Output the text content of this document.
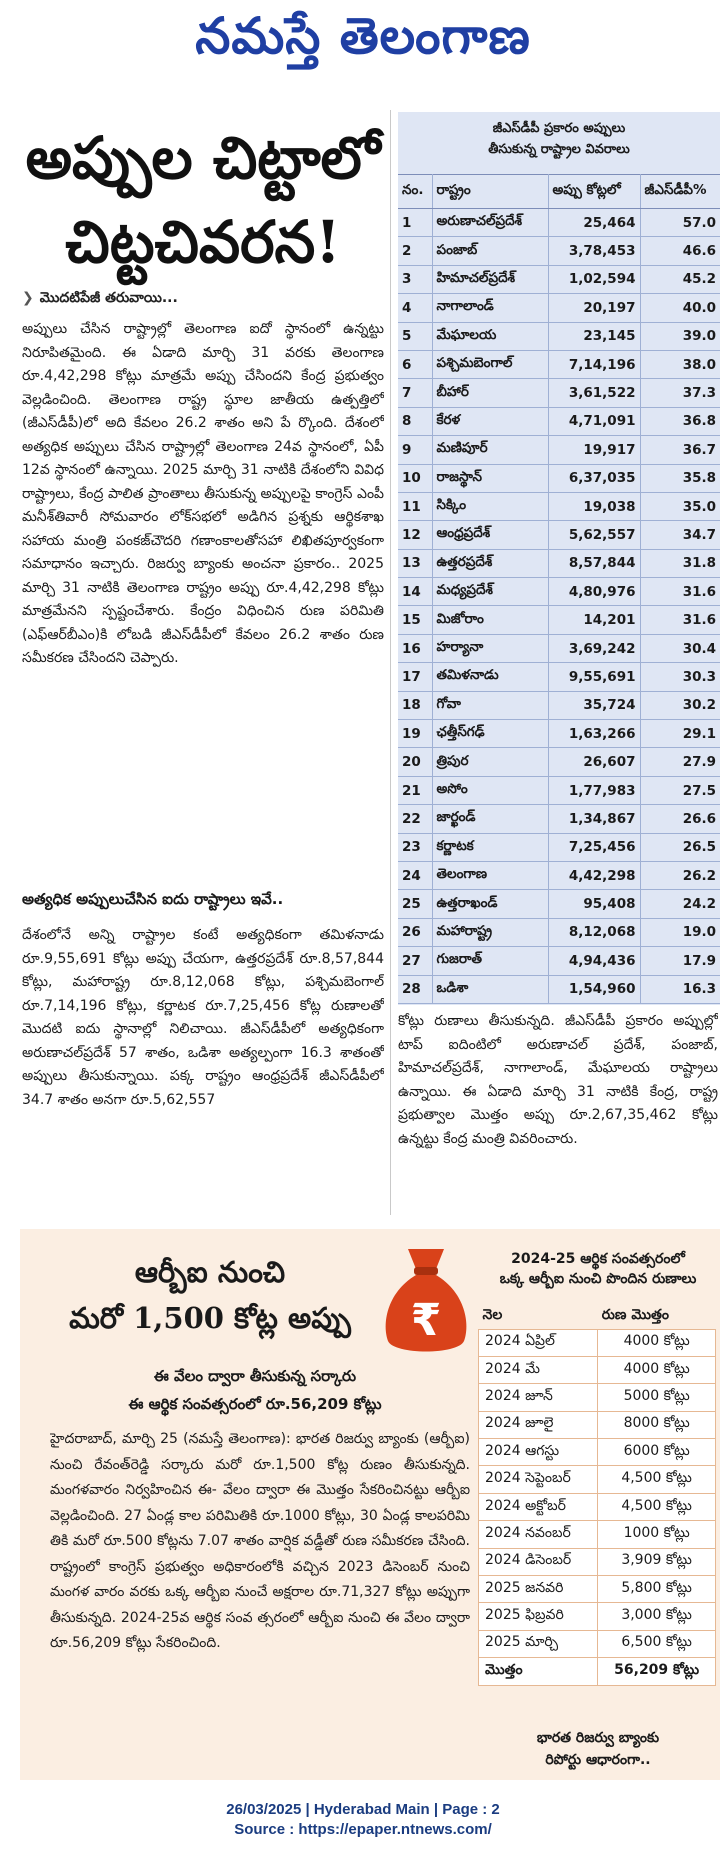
నమస్తే తెలంగాణ
అప్పుల చిట్టాలో
చిట్టచివరన!
❯ మొదటిపేజీ తరువాయి...
అప్పులు చేసిన రాష్ట్రాల్లో తెలంగాణ ఐదో స్థానంలో ఉన్నట్టు నిరూపితమైంది. ఈ ఏడాది మార్చి 31 వరకు తెలంగాణ రూ.4,42,298 కోట్లు మాత్రమే అప్పు చేసిందని కేంద్ర ప్రభుత్వం వెల్లడించింది. తెలంగాణ రాష్ట్ర స్థూల జాతీయ ఉత్పత్తిలో (జీఎస్‌డీపీ)లో అది కేవలం 26.2 శాతం అని పే ర్కొంది. దేశంలో అత్యధిక అప్పులు చేసిన రాష్ట్రాల్లో తెలంగాణ 24వ స్థానంలో, ఏపీ 12వ స్థానంలో ఉన్నాయి. 2025 మార్చి 31 నాటికి దేశంలోని వివిధ రాష్ట్రాలు, కేంద్ర పాలిత ప్రాంతాలు తీసుకున్న అప్పులపై కాంగ్రెస్ ఎంపీ మనీశ్‌తివారీ సోమవారం లోక్‌సభలో అడిగిన ప్రశ్నకు ఆర్థికశాఖ సహాయ మంత్రి పంకజ్‌చౌదరి గణాంకాలతోసహా లిఖితపూర్వకంగా సమాధానం ఇచ్చారు. రిజర్వు బ్యాంకు అంచనా ప్రకారం.. 2025 మార్చి 31 నాటికి తెలంగాణ రాష్ట్రం అప్పు రూ.4,42,298 కోట్లు మాత్రమేనని స్పష్టంచేశారు. కేంద్రం విధించిన రుణ పరిమితి (ఎఫ్ఆర్‌బీఎం)కి లోబడి జీఎస్‌డీపీలో కేవలం 26.2 శాతం రుణ సమీకరణ చేసిందని చెప్పారు.
అత్యధిక అప్పులుచేసిన ఐదు రాష్ట్రాలు ఇవే..
దేశంలోనే అన్ని రాష్ట్రాల కంటే అత్యధికంగా తమిళనాడు రూ.9,55,691 కోట్లు అప్పు చేయగా, ఉత్తరప్రదేశ్ రూ.8,57,844 కోట్లు, మహారాష్ట్ర రూ.8,12,068 కోట్లు, పశ్చిమబెంగాల్ రూ.7,14,196 కోట్లు, కర్ణాటక రూ.7,25,456 కోట్ల రుణాలతో మొదటి ఐదు స్థానాల్లో నిలిచాయి. జీఎస్‌డీపీలో అత్యధికంగా అరుణాచల్‌ప్రదేశ్ 57 శాతం, ఒడిశా అత్యల్పంగా 16.3 శాతంతో అప్పులు తీసుకున్నాయి. పక్క రాష్ట్రం ఆంధ్రప్రదేశ్ జీఎస్‌డీపీలో 34.7 శాతం అనగా రూ.5,62,557
జీఎస్‌డీపీ ప్రకారం అప్పులు
తీసుకున్న రాష్ట్రాల వివరాలు
నం.	రాష్ట్రం	అప్పు కోట్లలో	జీఎస్‌డీపీ%
1	అరుణాచల్‌ప్రదేశ్	25,464	57.0
2	పంజాబ్	3,78,453	46.6
3	హిమాచల్‌ప్రదేశ్	1,02,594	45.2
4	నాగాలాండ్	20,197	40.0
5	మేఘాలయ	23,145	39.0
6	పశ్చిమబెంగాల్	7,14,196	38.0
7	బీహార్	3,61,522	37.3
8	కేరళ	4,71,091	36.8
9	మణిపూర్	19,917	36.7
10	రాజస్థాన్	6,37,035	35.8
11	సిక్కిం	19,038	35.0
12	ఆంధ్రప్రదేశ్	5,62,557	34.7
13	ఉత్తరప్రదేశ్	8,57,844	31.8
14	మధ్యప్రదేశ్	4,80,976	31.6
15	మిజోరాం	14,201	31.6
16	హర్యానా	3,69,242	30.4
17	తమిళనాడు	9,55,691	30.3
18	గోవా	35,724	30.2
19	ఛత్తీస్‌గఢ్	1,63,266	29.1
20	త్రిపుర	26,607	27.9
21	అసోం	1,77,983	27.5
22	జార్ఖండ్	1,34,867	26.6
23	కర్ణాటక	7,25,456	26.5
24	తెలంగాణ	4,42,298	26.2
25	ఉత్తరాఖండ్	95,408	24.2
26	మహారాష్ట్ర	8,12,068	19.0
27	గుజరాత్	4,94,436	17.9
28	ఒడిశా	1,54,960	16.3
కోట్లు రుణాలు తీసుకున్నది. జీఎస్‌డీపీ ప్రకారం అప్పుల్లో టాప్ ఐదింటిలో అరుణాచల్ ప్రదేశ్, పంజాబ్, హిమాచల్‌ప్రదేశ్, నాగాలాండ్, మేఘాలయ రాష్ట్రాలు ఉన్నాయి. ఈ ఏడాది మార్చి 31 నాటికి కేంద్ర, రాష్ట్ర ప్రభుత్వాల మొత్తం అప్పు రూ.2,67,35,462 కోట్లు ఉన్నట్టు కేంద్ర మంత్రి వివరించారు.
ఆర్బీఐ నుంచి
మరో 1,500 కోట్ల అప్పు	₹
ఈ వేలం ద్వారా తీసుకున్న సర్కారు
ఈ ఆర్థిక సంవత్సరంలో రూ.56,209 కోట్లు
హైదరాబాద్, మార్చి 25 (నమస్తే తెలంగాణ): భారత రిజర్వు బ్యాంకు (ఆర్బీఐ) నుంచి రేవంత్‌రెడ్డి సర్కారు మరో రూ.1,500 కోట్ల రుణం తీసుకున్నది. మంగళవారం నిర్వహించిన ఈ- వేలం ద్వారా ఈ మొత్తం సేకరించినట్టు ఆర్బీఐ వెల్లడించింది. 27 ఏండ్ల కాల పరిమితికి రూ.1000 కోట్లు, 30 ఏండ్ల కాలపరిమి తికి మరో రూ.500 కోట్లను 7.07 శాతం వార్షిక వడ్డీతో రుణ సమీకరణ చేసింది. రాష్ట్రంలో కాంగ్రెస్ ప్రభుత్వం అధికారంలోకి వచ్చిన 2023 డిసెంబర్ నుంచి మంగళ వారం వరకు ఒక్క ఆర్బీఐ నుంచే అక్షరాల రూ.71,327 కోట్లు అప్పుగా తీసుకున్నది. 2024-25వ ఆర్థిక సంవ త్సరంలో ఆర్బీఐ నుంచి ఈ వేలం ద్వారా రూ.56,209 కోట్లు సేకరించింది.
2024-25 ఆర్థిక సంవత్సరంలో
ఒక్క ఆర్బీఐ నుంచి పొందిన రుణాలు
నెల	రుణ మొత్తం
2024 ఏప్రిల్	4000 కోట్లు
2024 మే	4000 కోట్లు
2024 జూన్	5000 కోట్లు
2024 జూలై	8000 కోట్లు
2024 ఆగస్టు	6000 కోట్లు
2024 సెప్టెంబర్	4,500 కోట్లు
2024 అక్టోబర్	4,500 కోట్లు
2024 నవంబర్	1000 కోట్లు
2024 డిసెంబర్	3,909 కోట్లు
2025 జనవరి	5,800 కోట్లు
2025 ఫిబ్రవరి	3,000 కోట్లు
2025 మార్చి	6,500 కోట్లు
మొత్తం	56,209 కోట్లు
భారత రిజర్వు బ్యాంకు
రిపోర్టు ఆధారంగా..
26/03/2025 | Hyderabad Main | Page : 2
Source : https://epaper.ntnews.com/
